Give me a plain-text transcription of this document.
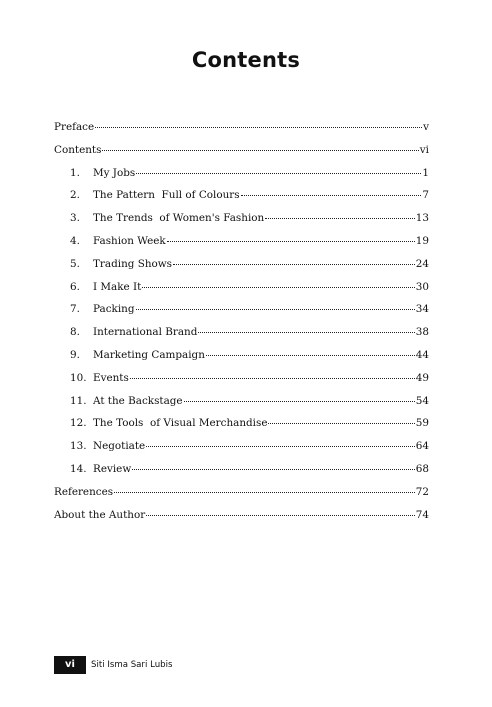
Contents
Preface	v
Contents	vi
1.	My Jobs	1
2.	The Pattern  Full of Colours	7
3.	The Trends  of Women's Fashion	13
4.	Fashion Week	19
5.	Trading Shows	24
6.	I Make It	30
7.	Packing	34
8.	International Brand	38
9.	Marketing Campaign	44
10. Events	49
11. At the Backstage	54
12. The Tools  of Visual Merchandise	59
13. Negotiate	64
14. Review	68
References	72
About the Author	74
vi	Siti Isma Sari Lubis
